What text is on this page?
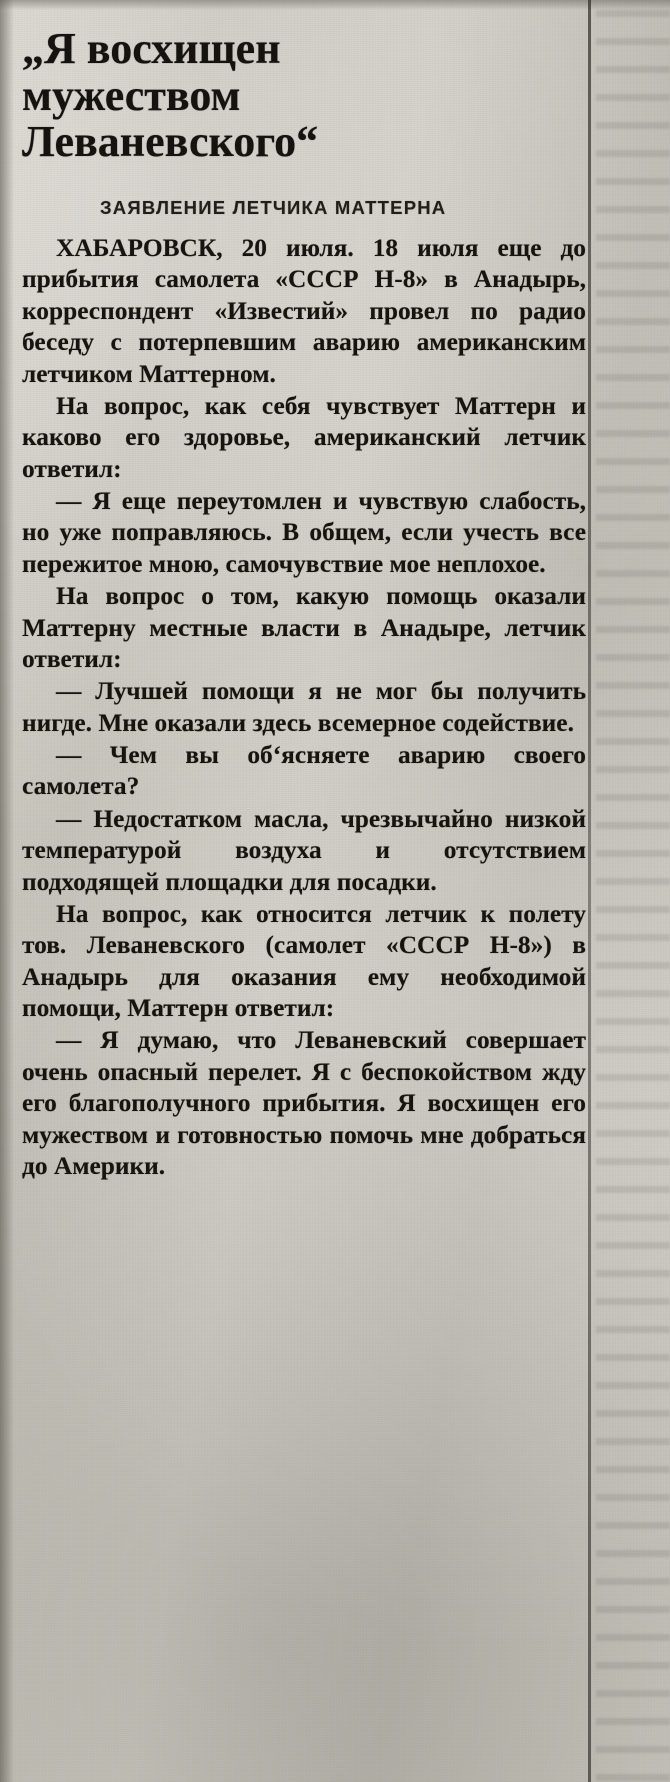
„Я восхищен мужеством Леваневского“
ЗАЯВЛЕНИЕ ЛЕТЧИКА МАТТЕРНА

ХАБАРОВСК, 20 июля. 18 июля еще до прибытия самолета «СССР Н-8» в Анадырь, корреспондент «Известий» провел по радио беседу с потерпевшим аварию американским летчиком Маттерном.

На вопрос, как себя чувствует Маттерн и каково его здоровье, американский летчик ответил:

— Я еще переутомлен и чувствую слабость, но уже поправляюсь. В общем, если учесть все пережитое мною, самочувствие мое неплохое.

На вопрос о том, какую помощь оказали Маттерну местные власти в Анадыре, летчик ответил:

— Лучшей помощи я не мог бы получить нигде. Мне оказали здесь всемерное содействие.

— Чем вы об‘ясняете аварию своего самолета?

— Недостатком масла, чрезвычайно низкой температурой воздуха и отсутствием подходящей площадки для посадки.

На вопрос, как относится летчик к полету тов. Леваневского (самолет «СССР Н-8») в Анадырь для оказания ему необходимой помощи, Маттерн ответил:

— Я думаю, что Леваневский совершает очень опасный перелет. Я с беспокойством жду его благополучного прибытия. Я восхищен его мужеством и готовностью помочь мне добраться до Америки.
